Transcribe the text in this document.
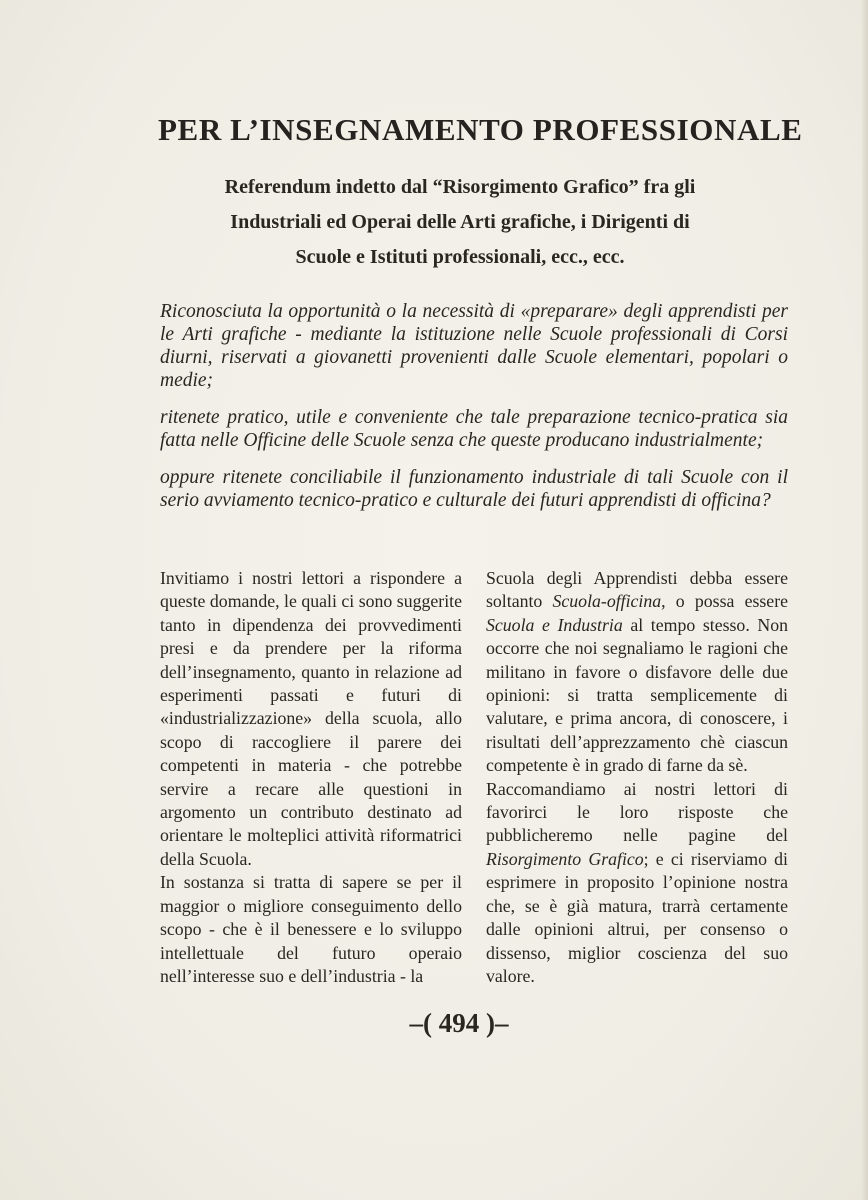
PER L’INSEGNAMENTO PROFESSIONALE
Referendum indetto dal “Risorgimento Grafico” fra gli
Industriali ed Operai delle Arti grafiche, i Dirigenti di
Scuole e Istituti professionali, ecc., ecc.

Riconosciuta la opportunità o la necessità di «preparare» degli apprendisti per le Arti grafiche - mediante la istituzione nelle Scuole professionali di Corsi diurni, riservati a giovanetti provenienti dalle Scuole elementari, popolari o medie;

ritenete pratico, utile e conveniente che tale preparazione tecnico-pratica sia fatta nelle Officine delle Scuole senza che queste producano industrialmente;

oppure ritenete conciliabile il funzionamento industriale di tali Scuole con il serio avviamento tecnico-pratico e culturale dei futuri apprendisti di officina?

Invitiamo i nostri lettori a rispondere a queste domande, le quali ci sono suggerite tanto in dipendenza dei provvedimenti presi e da prendere per la riforma dell’insegnamento, quanto in relazione ad esperimenti passati e futuri di «industrializzazione» della scuola, allo scopo di raccogliere il parere dei competenti in materia - che potrebbe servire a recare alle questioni in argomento un contributo destinato ad orientare le molteplici attività riformatrici della Scuola.

In sostanza si tratta di sapere se per il maggior o migliore conseguimento dello scopo - che è il benessere e lo sviluppo intellettuale del futuro operaio nell’interesse suo e dell’industria - la

Scuola degli Apprendisti debba essere soltanto Scuola-officina, o possa essere Scuola e Industria al tempo stesso. Non occorre che noi segnaliamo le ragioni che militano in favore o disfavore delle due opinioni: si tratta semplicemente di valutare, e prima ancora, di conoscere, i risultati dell’apprezzamento chè ciascun competente è in grado di farne da sè.

Raccomandiamo ai nostri lettori di favorirci le loro risposte che pubblicheremo nelle pagine del Risorgimento Grafico; e ci riserviamo di esprimere in proposito l’opinione nostra che, se è già matura, trarrà certamente dalle opinioni altrui, per consenso o dissenso, miglior coscienza del suo valore.

–( 494 )–
